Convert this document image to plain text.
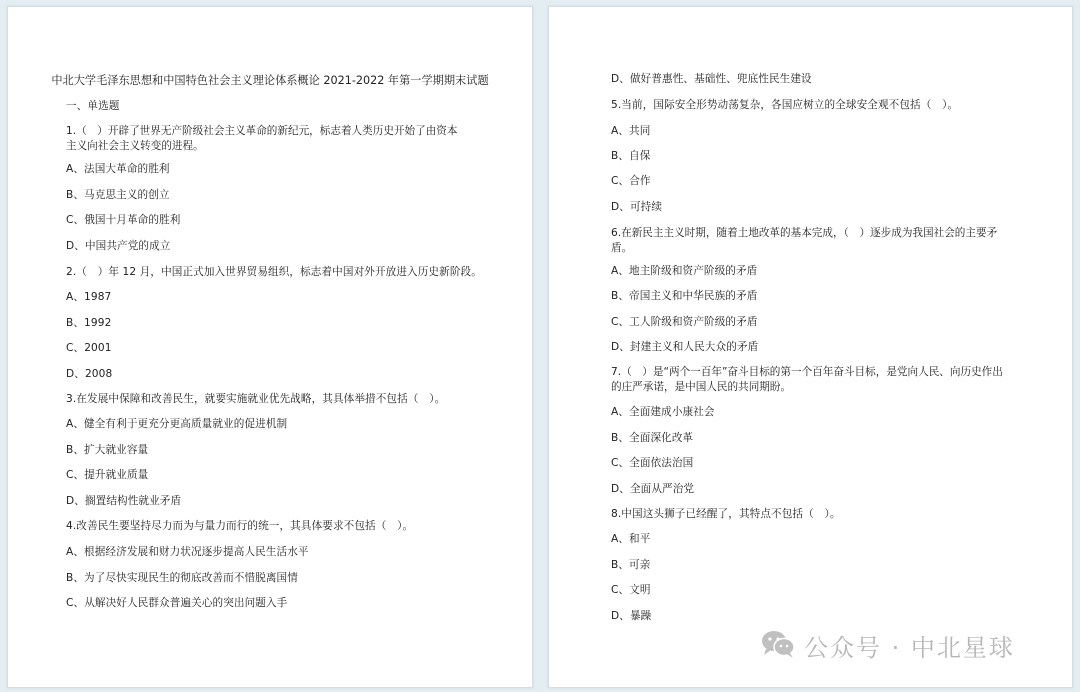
中北大学毛泽东思想和中国特色社会主义理论体系概论 2021-2022 年第一学期期末试题
一、单选题
1.（　）开辟了世界无产阶级社会主义革命的新纪元，标志着人类历史开始了由资本主义向社会主义转变的进程。
A、法国大革命的胜利
B、马克思主义的创立
C、俄国十月革命的胜利
D、中国共产党的成立
2.（　）年 12 月，中国正式加入世界贸易组织，标志着中国对外开放进入历史新阶段。
A、1987
B、1992
C、2001
D、2008
3.在发展中保障和改善民生，就要实施就业优先战略，其具体举措不包括（　）。
A、健全有利于更充分更高质量就业的促进机制
B、扩大就业容量
C、提升就业质量
D、搁置结构性就业矛盾
4.改善民生要坚持尽力而为与量力而行的统一，其具体要求不包括（　）。
A、根据经济发展和财力状况逐步提高人民生活水平
B、为了尽快实现民生的彻底改善而不惜脱离国情
C、从解决好人民群众普遍关心的突出问题入手
D、做好普惠性、基础性、兜底性民生建设
5.当前，国际安全形势动荡复杂，各国应树立的全球安全观不包括（　）。
A、共同
B、自保
C、合作
D、可持续
6.在新民主主义时期，随着土地改革的基本完成，（　）逐步成为我国社会的主要矛盾。
A、地主阶级和资产阶级的矛盾
B、帝国主义和中华民族的矛盾
C、工人阶级和资产阶级的矛盾
D、封建主义和人民大众的矛盾
7.（　）是“两个一百年”奋斗目标的第一个百年奋斗目标，是党向人民、向历史作出的庄严承诺，是中国人民的共同期盼。
A、全面建成小康社会
B、全面深化改革
C、全面依法治国
D、全面从严治党
8.中国这头狮子已经醒了，其特点不包括（　）。
A、和平
B、可亲
C、文明
D、暴躁
公众号 · 中北星球
